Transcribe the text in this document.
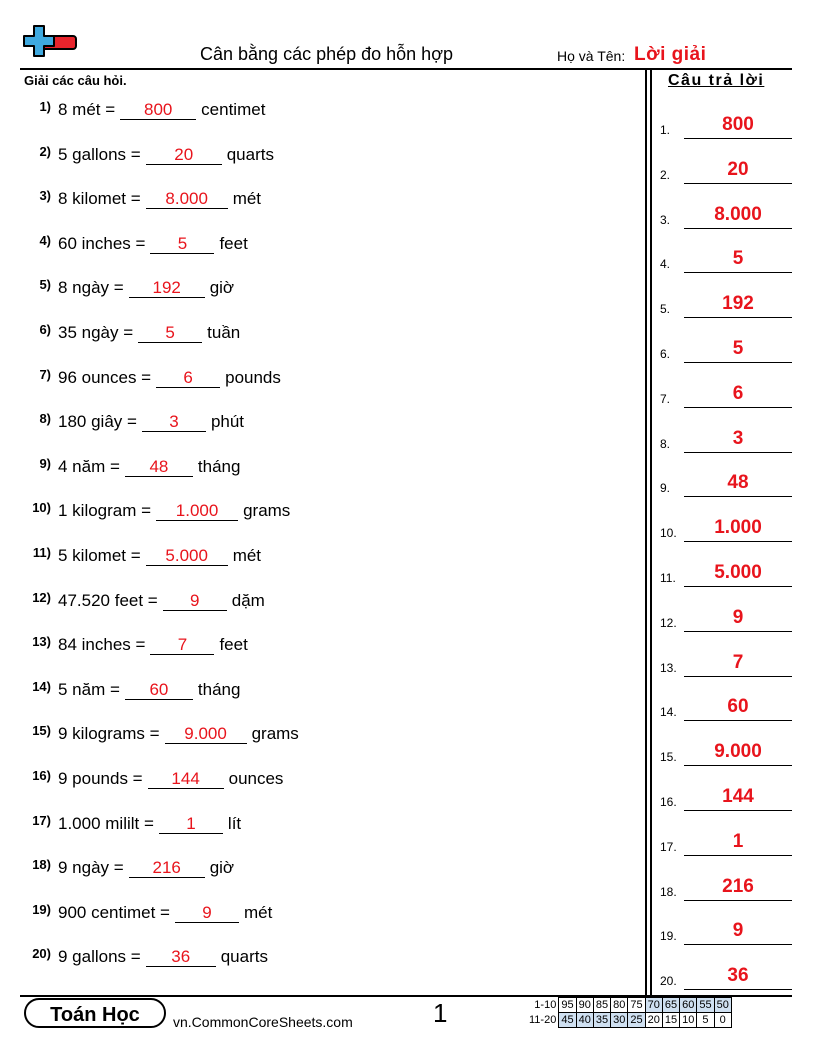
Cân bằng các phép đo hỗn hợp	Họ và Tên: Lời giải
Giải các câu hỏi.	Câu trả lời
1) 8 mét =	800	centimet
2) 5 gallons =	20	quarts
3) 8 kilomet =	8.000	mét
4) 60 inches =	5	feet
5) 8 ngày =	192	giờ
6) 35 ngày =	5	tuần
7) 96 ounces =	6	pounds
8) 180 giây =	3	phút
9) 4 năm =	48	tháng
10) 1 kilogram =	1.000	grams
11) 5 kilomet =	5.000	mét
12) 47.520 feet =	9	dặm
13) 84 inches =	7	feet
14) 5 năm =	60	tháng
15) 9 kilograms =	9.000	grams
16) 9 pounds =	144	ounces
17) 1.000 mililt =	1	lít
18) 9 ngày =	216	giờ
19) 900 centimet =	9	mét
20) 9 gallons =	36	quarts
1.	800
2.	20
3.	8.000
4.	5
5.	192
6.	5
7.	6
8.	3
9.	48
10.	1.000
11.	5.000
12.	9
13.	7
14.	60
15.	9.000
16.	144
17.	1
18.	216
19.	9
20.	36
Toán Học	vn.CommonCoreSheets.com	1	1-10	95	90	85	80	75	70	65	60	55	50
11-20	45	40	35	30	25	20	15	10	5	0
